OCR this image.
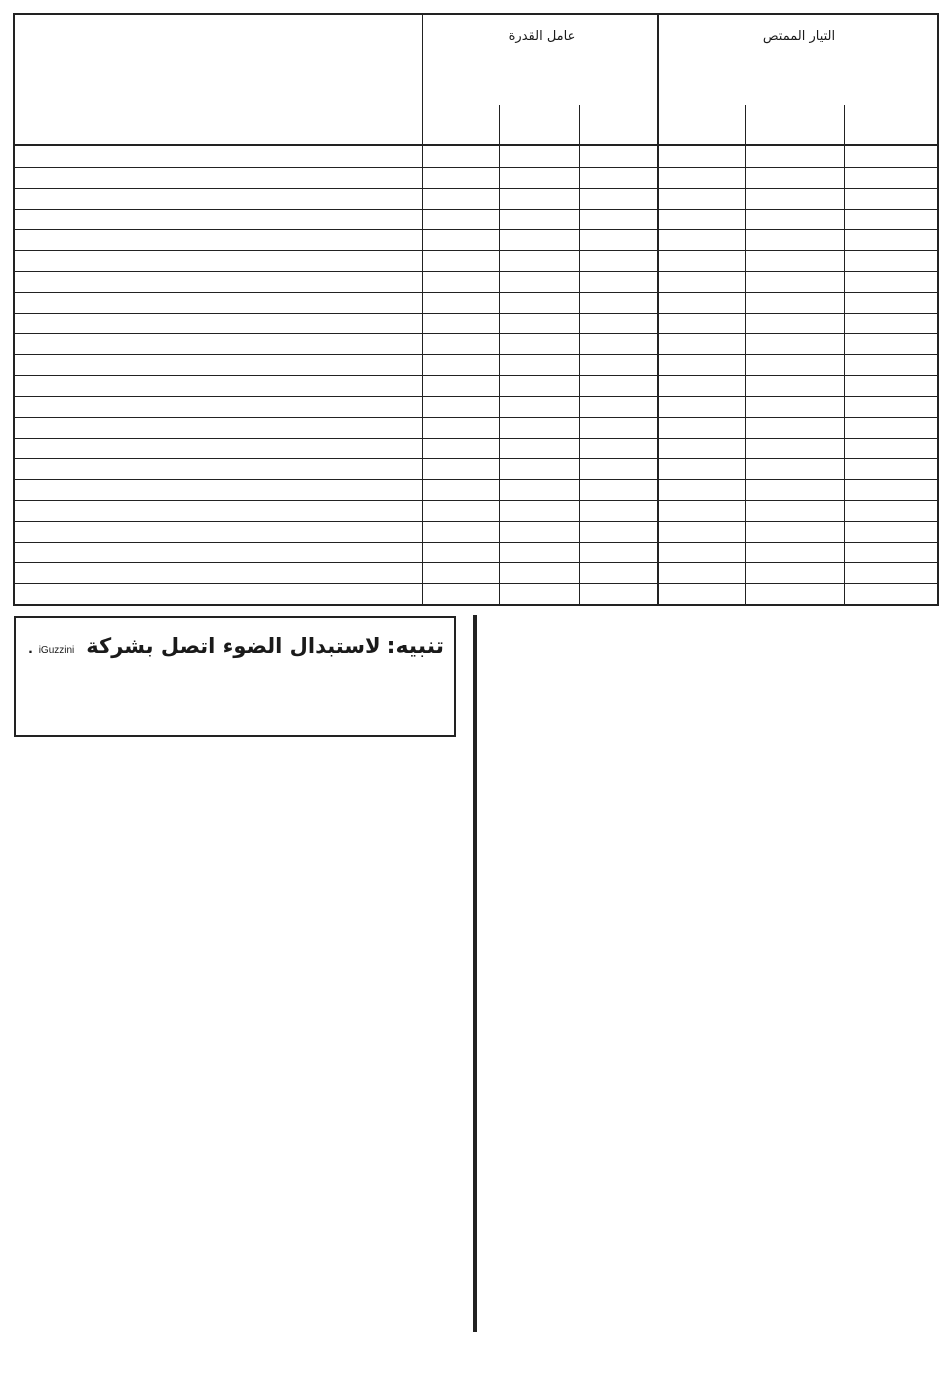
عامل القدرة	التيار الممتص
تنبيه:
لاستبدال الضوء اتصل بشركة
iGuzzini
.
